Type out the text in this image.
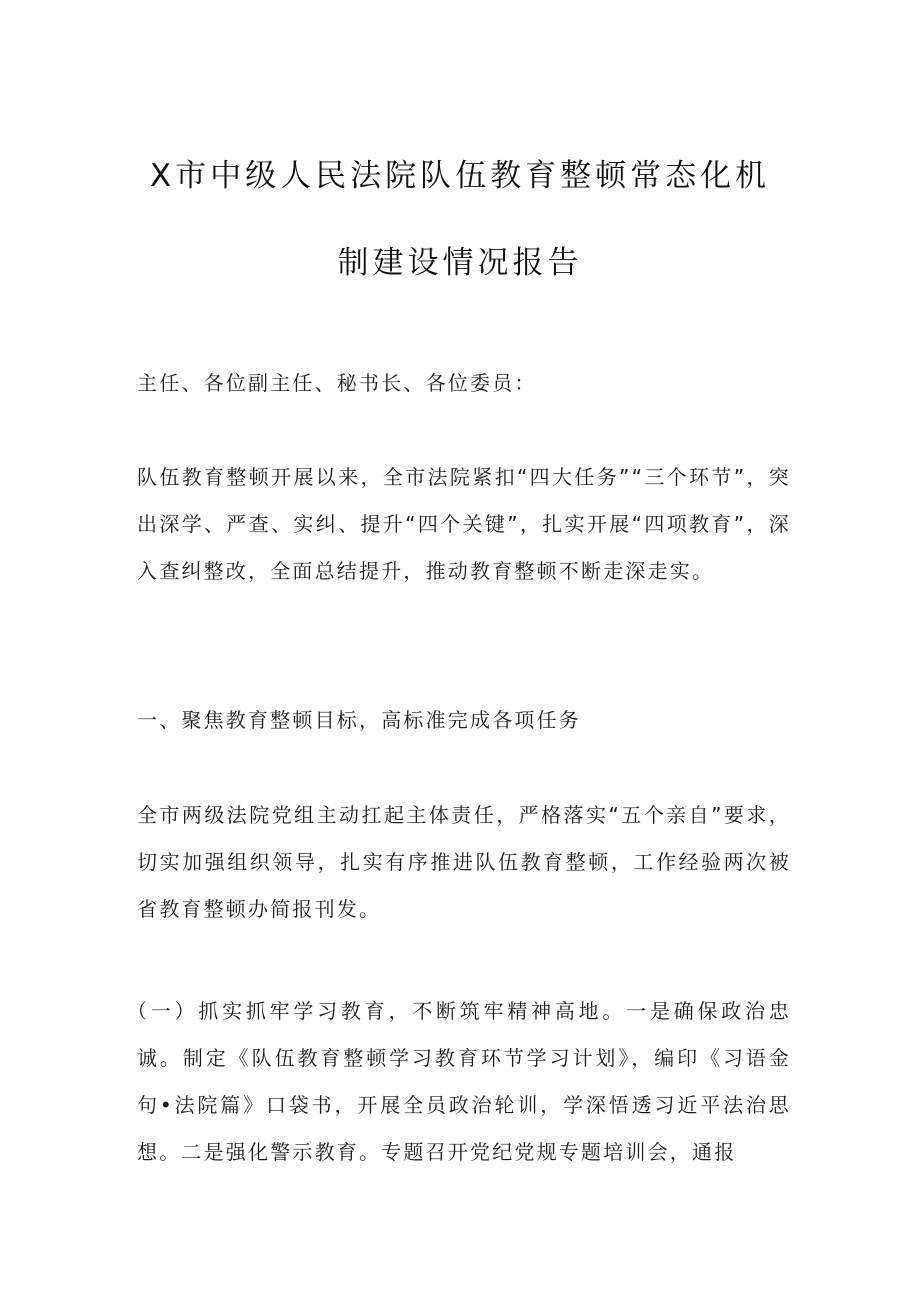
X市中级人民法院队伍教育整顿常态化机
制建设情况报告

主任、各位副主任、秘书长、各位委员：

队伍教育整顿开展以来，全市法院紧扣“四大任务”“三个环节”，突出深学、严查、实纠、提升“四个关键”，扎实开展“四项教育”，深入查纠整改，全面总结提升，推动教育整顿不断走深走实。

一、聚焦教育整顿目标，高标准完成各项任务

全市两级法院党组主动扛起主体责任，严格落实“五个亲自”要求，切实加强组织领导，扎实有序推进队伍教育整顿，工作经验两次被省教育整顿办简报刊发。

（一）抓实抓牢学习教育，不断筑牢精神高地。一是确保政治忠诚。制定《队伍教育整顿学习教育环节学习计划》，编印《习语金句•法院篇》口袋书，开展全员政治轮训，学深悟透习近平法治思想。二是强化警示教育。专题召开党纪党规专题培训会，通报
